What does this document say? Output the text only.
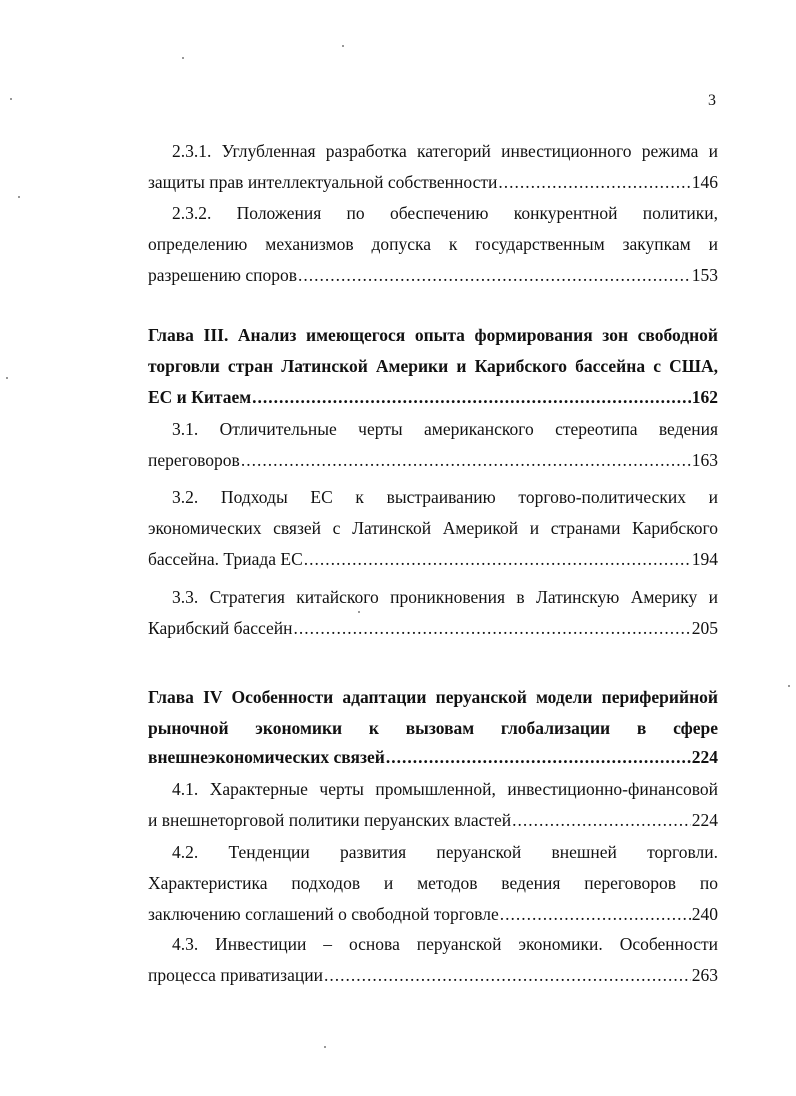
3
2.3.1. Углубленная разработка категорий инвестиционного режима и
защиты прав интеллектуальной собственности .....	146
2.3.2. Положения по обеспечению конкурентной политики,
определению механизмов допуска к государственным закупкам и
разрешению споров .....	153
Глава III. Анализ имеющегося опыта формирования зон свободной
торговли стран Латинской Америки и Карибского бассейна с США,
ЕС и Китаем .....	162
3.1. Отличительные черты американского стереотипа ведения
переговоров .....	163
3.2. Подходы ЕС к выстраиванию торгово-политических и
экономических связей с Латинской Америкой и странами Карибского
бассейна. Триада ЕС .....	194
3.3. Стратегия китайского проникновения в Латинскую Америку и
Карибский бассейн .....	205
Глава IV Особенности адаптации перуанской модели периферийной
рыночной экономики к вызовам глобализации в сфере
внешнеэкономических связей .....	224
4.1. Характерные черты промышленной, инвестиционно-финансовой
и внешнеторговой политики перуанских властей .....	224
4.2. Тенденции развития перуанской внешней торговли.
Характеристика подходов и методов ведения переговоров по
заключению соглашений о свободной торговле .....	240
4.3. Инвестиции – основа перуанской экономики. Особенности
процесса приватизации .....	263
